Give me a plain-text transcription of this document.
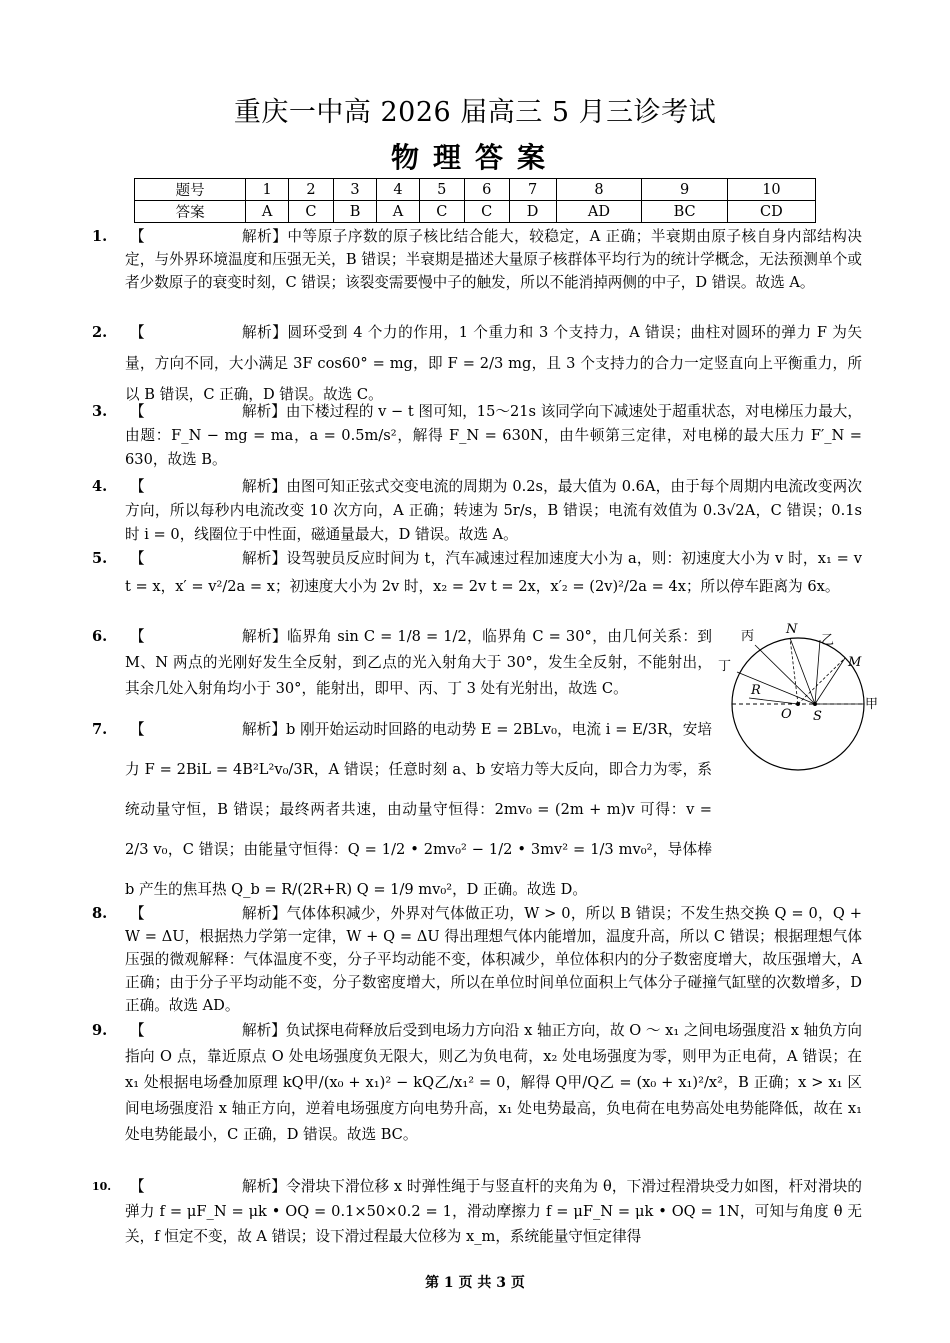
重庆一中高 2026 届高三 5 月三诊考试
物理答案
题号	1	2	3	4	5	6	7	8	9	10
答案	A	C	B	A	C	C	D	AD	BC	CD
1. 【	解析】中等原子序数的原子核比结合能大，较稳定，A 正确；半衰期由原子核自身内部结构决定，与外界环境温度和压强无关，B 错误；半衰期是描述大量原子核群体平均行为的统计学概念，无法预测单个或者少数原子的衰变时刻，C 错误；该裂变需要慢中子的触发，所以不能消掉两侧的中子，D 错误。故选 A。
2. 【	解析】圆环受到 4 个力的作用，1 个重力和 3 个支持力，A 错误；曲柱对圆环的弹力 F 为矢量，方向不同，大小满足 3F cos60° = mg，即 F = 2/3 mg，且 3 个支持力的合力一定竖直向上平衡重力，所以 B 错误，C 正确，D 错误。故选 C。
3. 【	解析】由下楼过程的 v − t 图可知，15～21s 该同学向下减速处于超重状态，对电梯压力最大，由题：F_N − mg = ma，a = 0.5m/s²，解得 F_N = 630N，由牛顿第三定律，对电梯的最大压力 F′_N = 630，故选 B。
4. 【	解析】由图可知正弦式交变电流的周期为 0.2s，最大值为 0.6A，由于每个周期内电流改变两次方向，所以每秒内电流改变 10 次方向，A 正确；转速为 5r/s，B 错误；电流有效值为 0.3√2A，C 错误；0.1s 时 i = 0，线圈位于中性面，磁通量最大，D 错误。故选 A。
5. 【	解析】设驾驶员反应时间为 t，汽车减速过程加速度大小为 a，则：初速度大小为 v 时，x₁ = v t = x，x′ = v²/2a = x；初速度大小为 2v 时，x₂ = 2v t = 2x，x′₂ = (2v)²/2a = 4x；所以停车距离为 6x。
6. 【	解析】临界角 sin C = 1/8 = 1/2，临界角 C = 30°，由几何关系：到 M、N 两点的光刚好发生全反射，到乙点的光入射角大于 30°，发生全反射，不能射出，其余几处入射角均小于 30°，能射出，即甲、丙、丁 3 处有光射出，故选 C。
7. 【	解析】b 刚开始运动时回路的电动势 E = 2BLv₀，电流 i = E/3R，安培力 F = 2BiL = 4B²L²v₀/3R，A 错误；任意时刻 a、b 安培力等大反向，即合力为零，系统动量守恒，B 错误；最终两者共速，由动量守恒得：2mv₀ = (2m + m)v 可得：v = 2/3 v₀，C 错误；由能量守恒得：Q = 1/2 • 2mv₀² − 1/2 • 3mv² = 1/3 mv₀²，导体棒 b 产生的焦耳热 Q_b = R/(2R+R) Q = 1/9 mv₀²，D 正确。故选 D。
8. 【	解析】气体体积减少，外界对气体做正功，W > 0，所以 B 错误；不发生热交换 Q = 0，Q + W = ΔU，根据热力学第一定律，W + Q = ΔU 得出理想气体内能增加，温度升高，所以 C 错误；根据理想气体压强的微观解释：气体温度不变，分子平均动能不变，体积减少，单位体积内的分子数密度增大，故压强增大，A 正确；由于分子平均动能不变，分子数密度增大，所以在单位时间单位面积上气体分子碰撞气缸壁的次数增多，D 正确。故选 AD。
9. 【	解析】负试探电荷释放后受到电场力方向沿 x 轴正方向，故 O ～ x₁ 之间电场强度沿 x 轴负方向指向 O 点，靠近原点 O 处电场强度负无限大，则乙为负电荷，x₂ 处电场强度为零，则甲为正电荷，A 错误；在 x₁ 处根据电场叠加原理 kQ甲/(x₀ + x₁)² − kQ乙/x₁² = 0，解得 Q甲/Q乙 = (x₀ + x₁)²/x²，B 正确；x > x₁ 区间电场强度沿 x 轴正方向，逆着电场强度方向电势升高，x₁ 处电势最高，负电荷在电势高处电势能降低，故在 x₁ 处电势能最小，C 正确，D 错误。故选 BC。
10. 【	解析】令滑块下滑位移 x 时弹性绳于与竖直杆的夹角为 θ，下滑过程滑块受力如图，杆对滑块的弹力 f = μF_N = μk • OQ = 0.1×50×0.2 = 1，滑动摩擦力 f = μF_N = μk • OQ = 1N，可知与角度 θ 无关，f 恒定不变，故 A 错误；设下滑过程最大位移为 x_m，系统能量守恒定律得
丙 N
乙
丁	M
R
O S
甲
第 1 页 共 3 页
